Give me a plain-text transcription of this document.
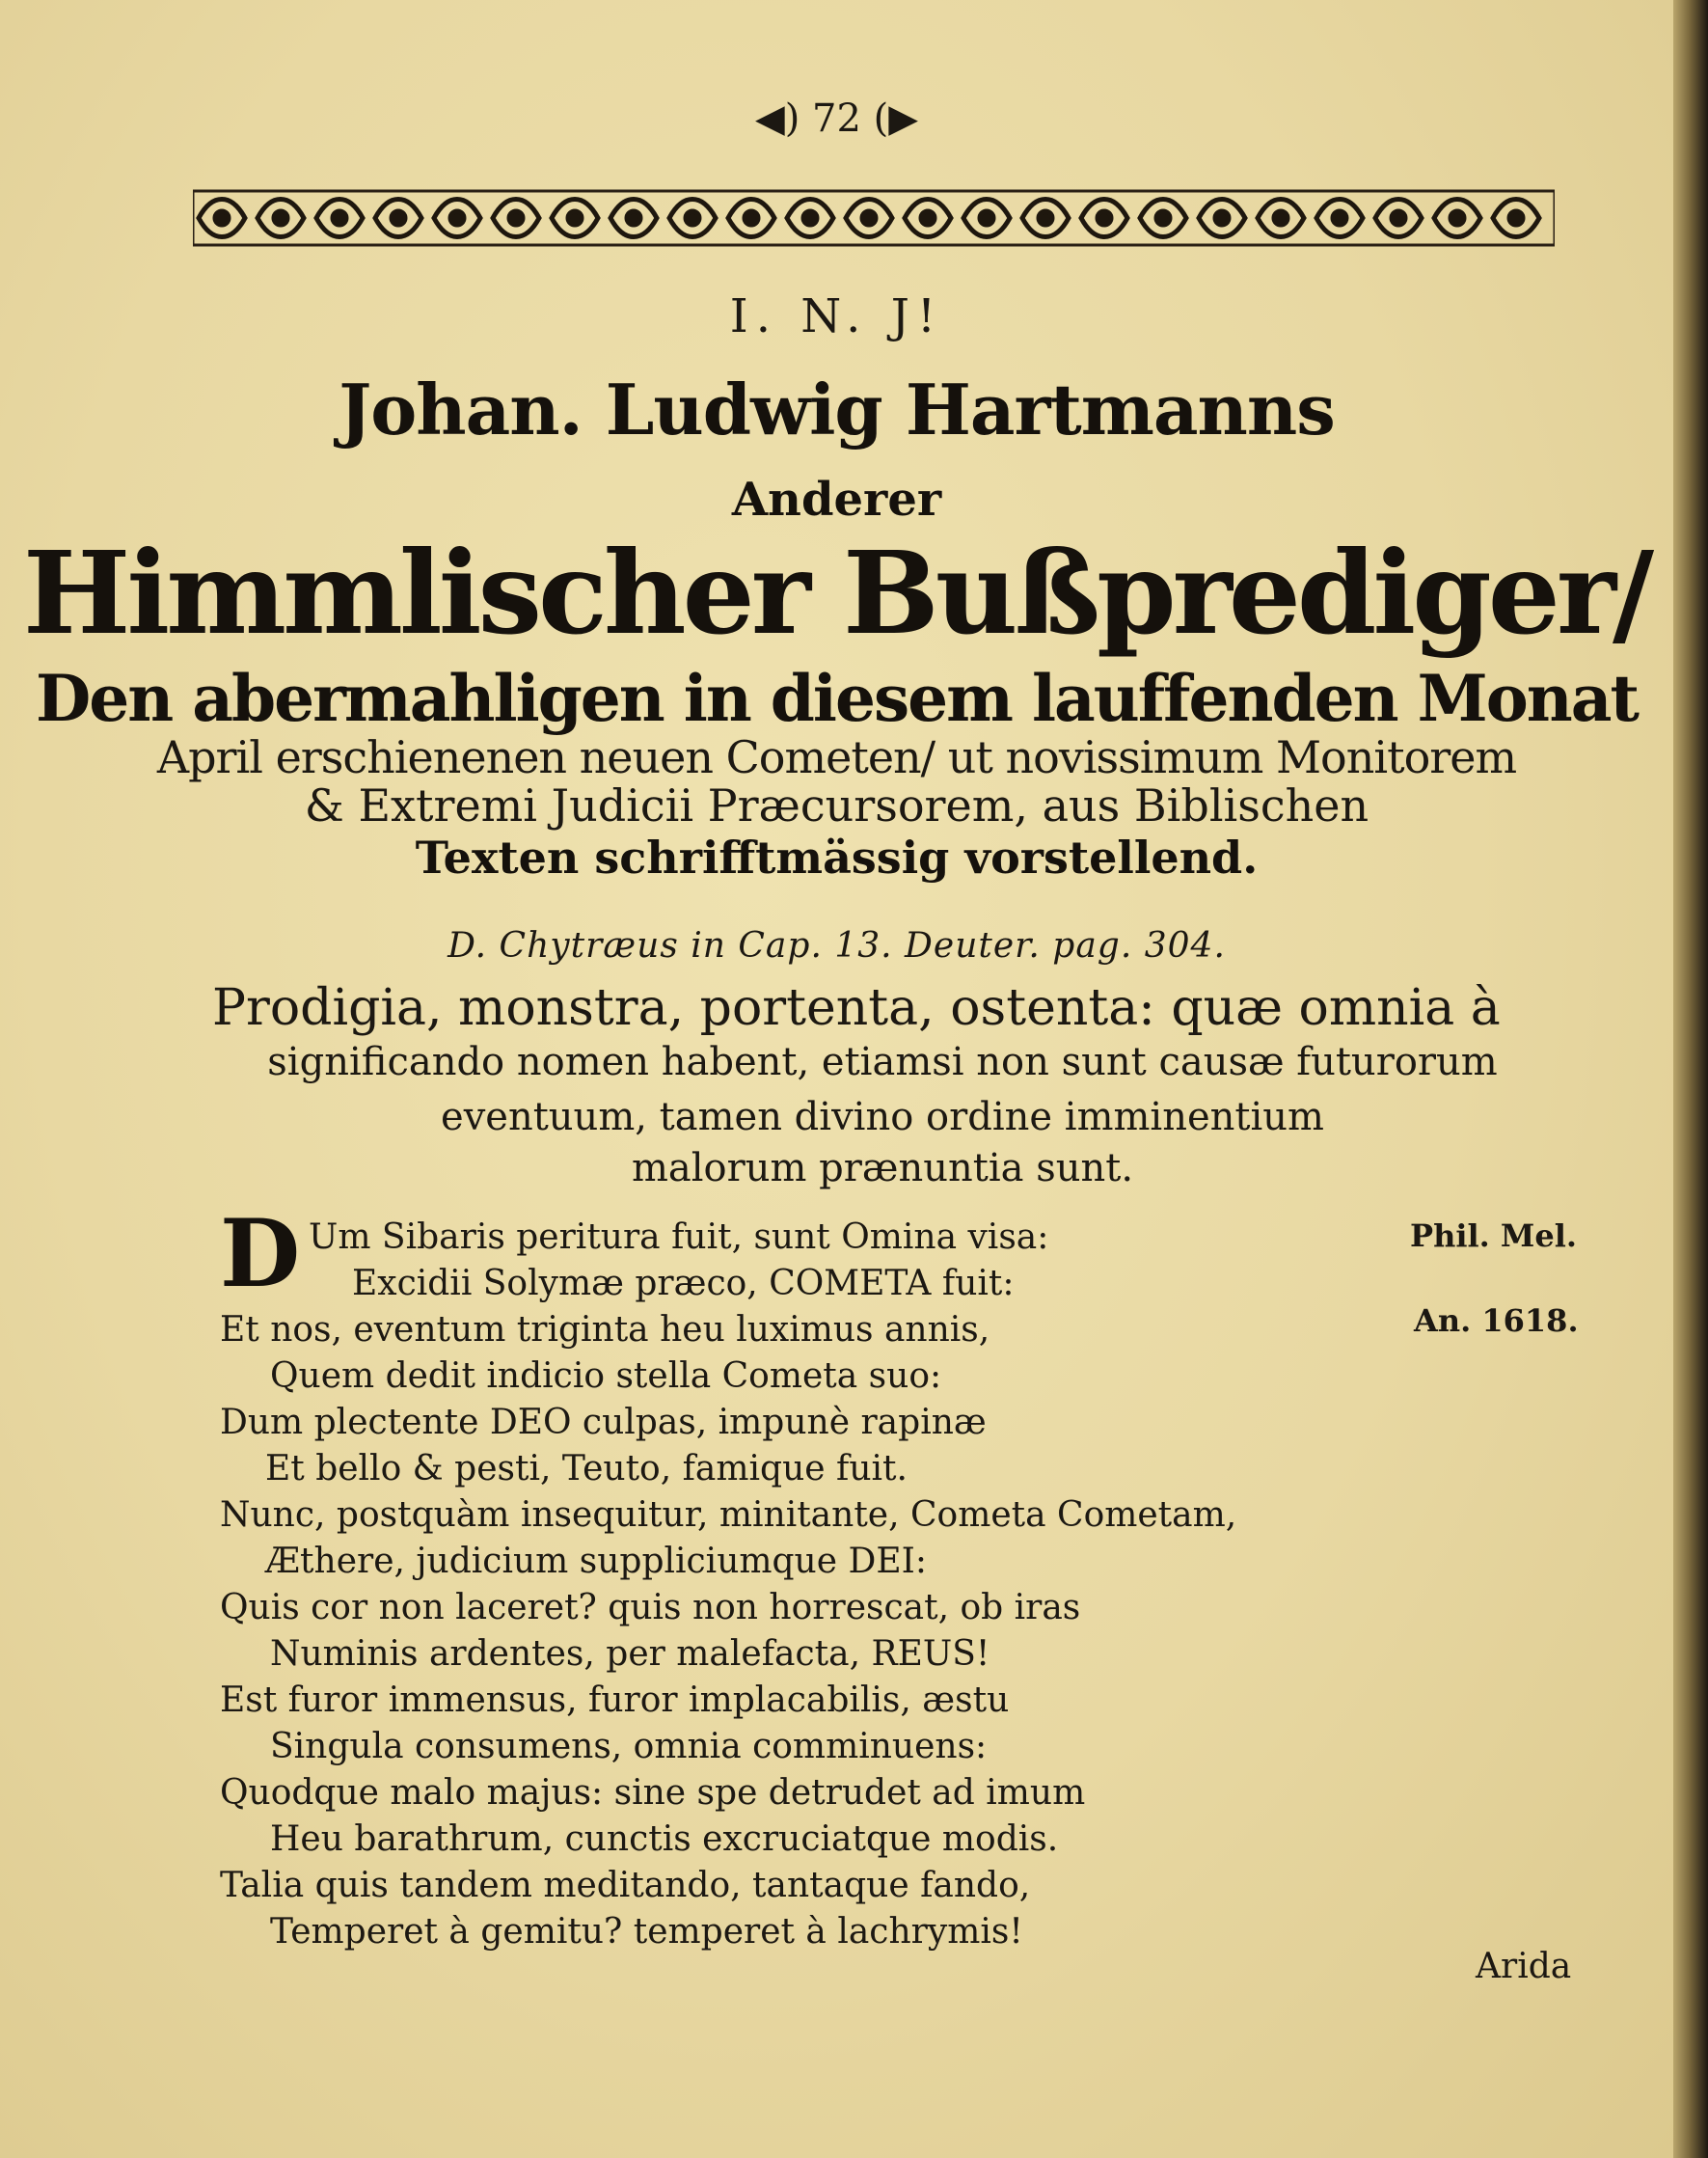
◀) 72 (▶
I. N. J!
Johan. Ludwig Hartmanns
Anderer
Himmlischer Bußprediger/
Den abermahligen in diesem lauffenden Monat
April erschienenen neuen Cometen/ ut novissimum Monitorem
& Extremi Judicii Præcursorem, aus Biblischen
Texten schrifftmässig vorstellend.
D. Chytræus in Cap. 13. Deuter. pag. 304.
Prodigia, monstra, portenta, ostenta: quæ omnia à
significando nomen habent, etiamsi non sunt causæ futurorum
eventuum, tamen divino ordine imminentium
malorum prænuntia sunt.
D Um Sibaris peritura fuit, sunt Omina visa:
Excidii Solymæ præco, COMETA fuit:
Et nos, eventum triginta heu luximus annis,
Quem dedit indicio stella Cometa suo:
Dum plectente DEO culpas, impunè rapinæ
Et bello & pesti, Teuto, famique fuit.
Nunc, postquàm insequitur, minitante, Cometa Cometam,
Æthere, judicium suppliciumque DEI:
Quis cor non laceret? quis non horrescat, ob iras
Numinis ardentes, per malefacta, REUS!
Est furor immensus, furor implacabilis, æstu
Singula consumens, omnia comminuens:
Quodque malo majus: sine spe detrudet ad imum
Heu barathrum, cunctis excruciatque modis.
Talia quis tandem meditando, tantaque fando,
Temperet à gemitu? temperet à lachrymis!
Phil. Mel.
An. 1618.
Arida
